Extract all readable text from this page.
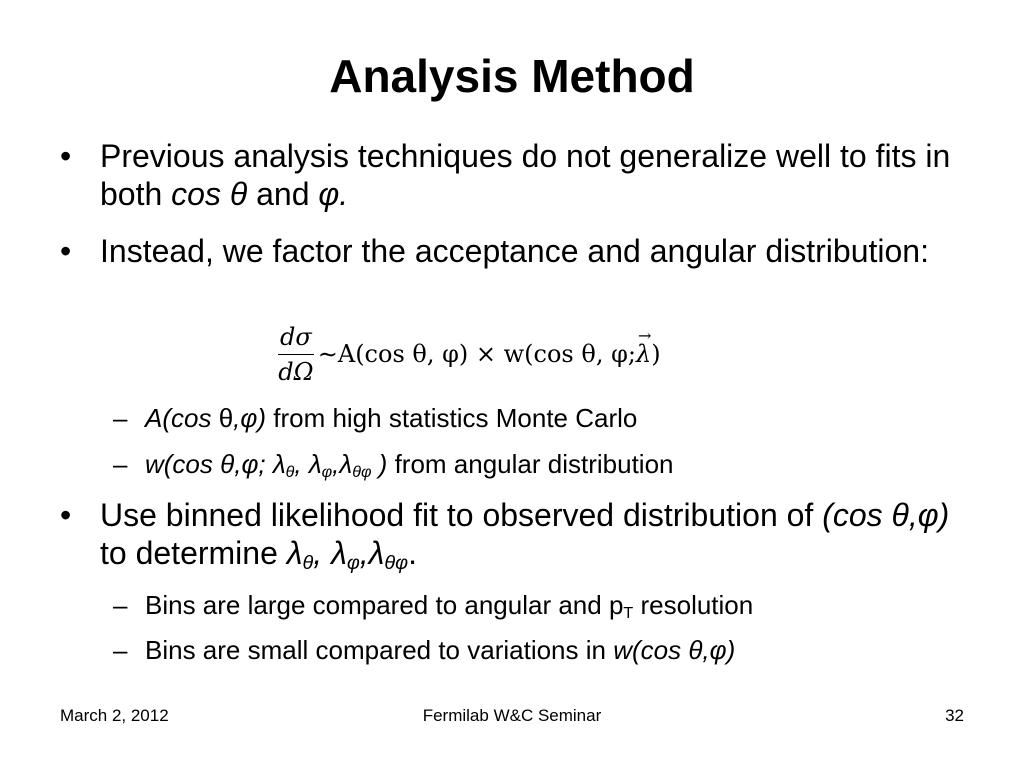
Analysis Method
• Previous analysis techniques do not generalize well to fits in both cos θ and φ.
• Instead, we factor the acceptance and angular distribution:
$\frac{d\sigma}{d\Omega}$ ∼A(cos θ, φ) × w(cos θ, φ;
→
λ )
– A(cos θ,φ) from high statistics Monte Carlo
– w(cos θ,φ; $\lambda_\theta$, $\lambda_\varphi,\lambda_{\theta\varphi}$ ) from angular distribution
• Use binned likelihood fit to observed distribution of (cos θ,φ) to determine $\lambda_\theta$, $\lambda_\varphi,\lambda_{\theta\varphi}$.
– Bins are large compared to angular and $p_T$ resolution
– Bins are small compared to variations in w(cos θ,φ)
March 2, 2012	Fermilab W&C Seminar	32
